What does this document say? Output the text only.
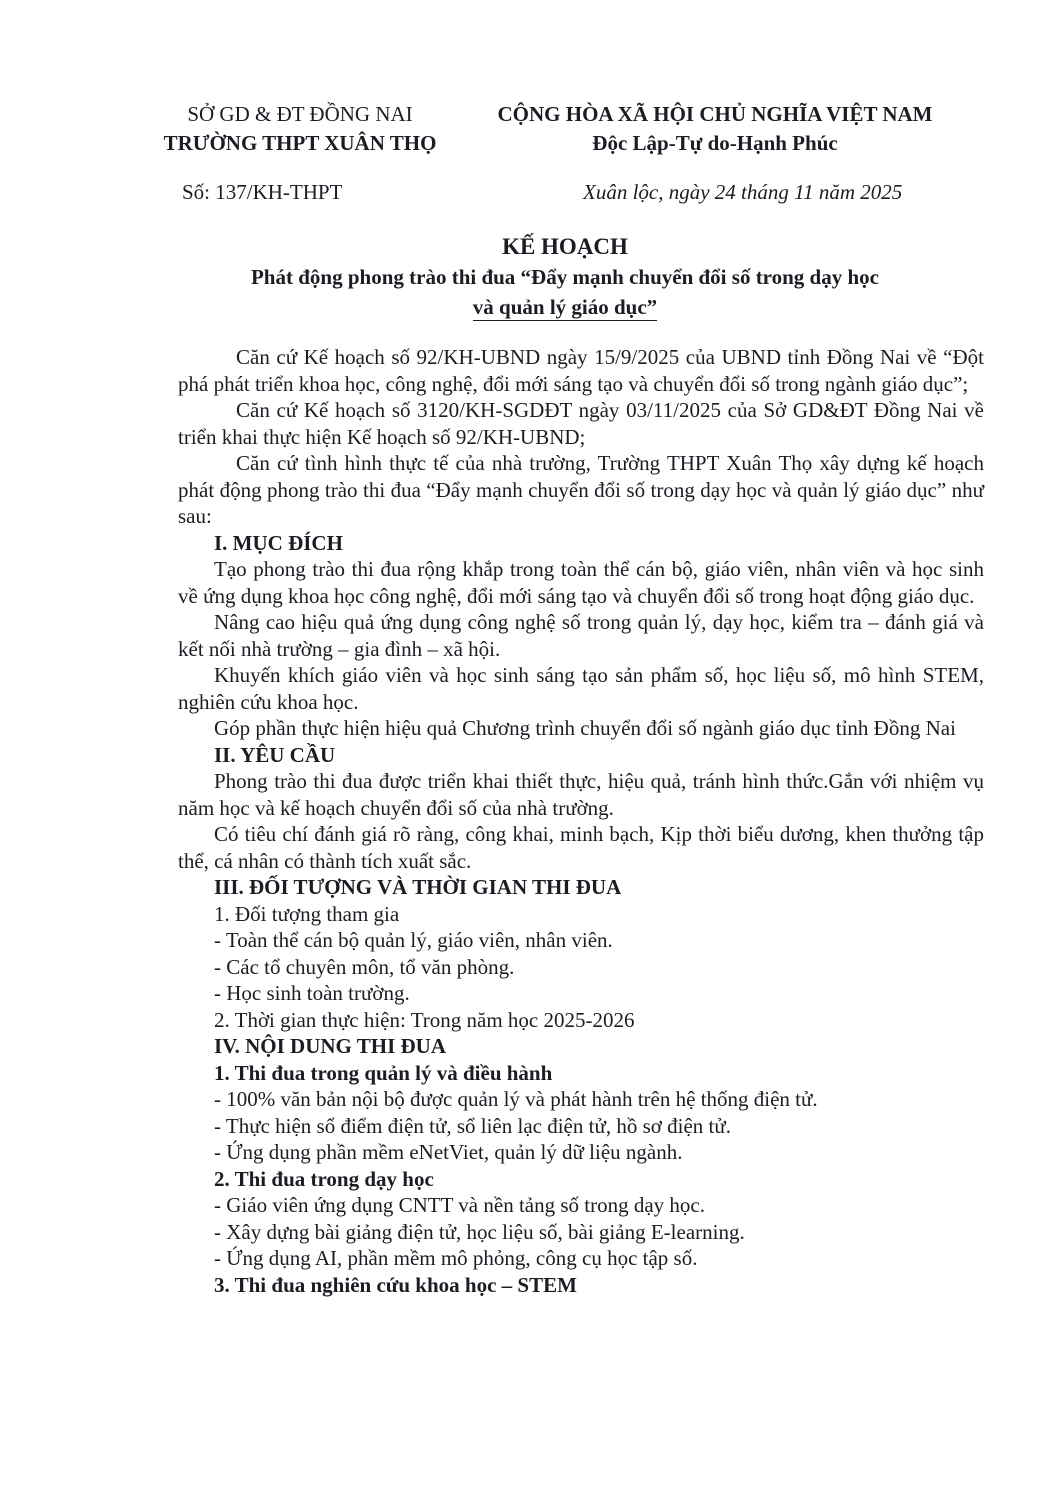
SỞ GD & ĐT ĐỒNG NAI
TRƯỜNG THPT XUÂN THỌ
CỘNG HÒA XÃ HỘI CHỦ NGHĨA VIỆT NAM
Độc Lập-Tự do-Hạnh Phúc
Số: 137/KH-THPT	Xuân lộc, ngày 24 tháng 11 năm 2025
KẾ HOẠCH
Phát động phong trào thi đua “Đẩy mạnh chuyển đổi số trong dạy học
và quản lý giáo dục”

Căn cứ Kế hoạch số 92/KH-UBND ngày 15/9/2025 của UBND tỉnh Đồng Nai về “Đột phá phát triển khoa học, công nghệ, đổi mới sáng tạo và chuyển đổi số trong ngành giáo dục”;

Căn cứ Kế hoạch số 3120/KH-SGDĐT ngày 03/11/2025 của Sở GD&ĐT Đồng Nai về triển khai thực hiện Kế hoạch số 92/KH-UBND;

Căn cứ tình hình thực tế của nhà trường, Trường THPT Xuân Thọ xây dựng kế hoạch phát động phong trào thi đua “Đẩy mạnh chuyển đổi số trong dạy học và quản lý giáo dục” như sau:

I. MỤC ĐÍCH

Tạo phong trào thi đua rộng khắp trong toàn thể cán bộ, giáo viên, nhân viên và học sinh về ứng dụng khoa học công nghệ, đổi mới sáng tạo và chuyển đổi số trong hoạt động giáo dục.

Nâng cao hiệu quả ứng dụng công nghệ số trong quản lý, dạy học, kiểm tra – đánh giá và kết nối nhà trường – gia đình – xã hội.

Khuyến khích giáo viên và học sinh sáng tạo sản phẩm số, học liệu số, mô hình STEM, nghiên cứu khoa học.

Góp phần thực hiện hiệu quả Chương trình chuyển đổi số ngành giáo dục tỉnh Đồng Nai

II. YÊU CẦU

Phong trào thi đua được triển khai thiết thực, hiệu quả, tránh hình thức.Gắn với nhiệm vụ năm học và kế hoạch chuyển đổi số của nhà trường.

Có tiêu chí đánh giá rõ ràng, công khai, minh bạch, Kịp thời biểu dương, khen thưởng tập thể, cá nhân có thành tích xuất sắc.

III. ĐỐI TƯỢNG VÀ THỜI GIAN THI ĐUA

1. Đối tượng tham gia

- Toàn thể cán bộ quản lý, giáo viên, nhân viên.

- Các tổ chuyên môn, tổ văn phòng.

- Học sinh toàn trường.

2. Thời gian thực hiện: Trong năm học 2025-2026

IV. NỘI DUNG THI ĐUA

1. Thi đua trong quản lý và điều hành

- 100% văn bản nội bộ được quản lý và phát hành trên hệ thống điện tử.

- Thực hiện sổ điểm điện tử, sổ liên lạc điện tử, hồ sơ điện tử.

- Ứng dụng phần mềm eNetViet, quản lý dữ liệu ngành.

2. Thi đua trong dạy học

- Giáo viên ứng dụng CNTT và nền tảng số trong dạy học.

- Xây dựng bài giảng điện tử, học liệu số, bài giảng E-learning.

- Ứng dụng AI, phần mềm mô phỏng, công cụ học tập số.

3. Thi đua nghiên cứu khoa học – STEM
